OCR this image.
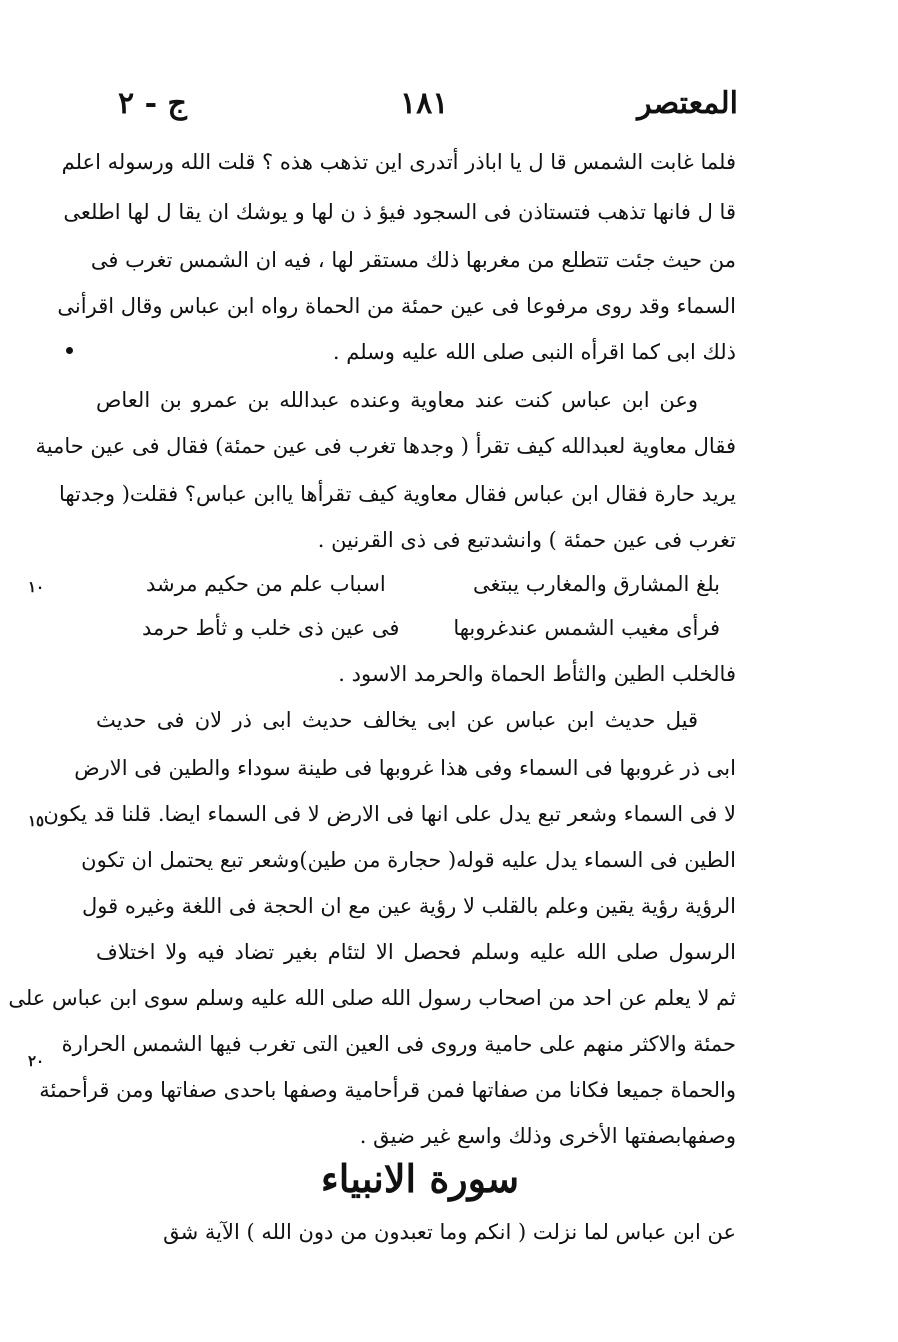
المعتصر
١٨١
ج - ٢
فلما غابت الشمس قا ل يا اباذر أتدرى اين تذهب هذه ؟ قلت الله ورسوله اعلم
قا ل فانها تذهب فتستاذن فى السجود فيؤ ذ ن لها و يوشك ان يقا ل لها اطلعى
من حيث جئت تتطلع من مغربها ذلك مستقر لها ، فيه ان الشمس تغرب فى
السماء وقد روى مرفوعا فى عين حمئة من الحماة رواه ابن عباس وقال اقرأنى
ذلك ابى كما اقرأه النبى صلى الله عليه وسلم .
وعن ابن عباس كنت عند معاوية وعنده عبدالله بن عمرو بن العاص
فقال معاوية لعبدالله كيف تقرأ ( وجدها تغرب فى عين حمئة) فقال فى عين حامية
يريد حارة فقال ابن عباس فقال معاوية كيف تقرأها ياابن عباس؟ فقلت( وجدتها
تغرب فى عين حمئة ) وانشدتبع فى ذى القرنين .
بلغ المشارق والمغارب يبتغى
اسباب علم من حكيم مرشد
فرأى مغيب الشمس عندغروبها
فى عين ذى خلب و ثأط حرمد
١٠
فالخلب الطين والثأط الحماة والحرمد الاسود .
قيل حديث ابن عباس عن ابى يخالف حديث ابى ذر لان فى حديث
ابى ذر غروبها فى السماء وفى هذا غروبها فى طينة سوداء والطين فى الارض
لا فى السماء وشعر تبع يدل على انها فى الارض لا فى السماء ايضا. قلنا قد يكون
الطين فى السماء يدل عليه قوله( حجارة من طين)وشعر تبع يحتمل ان تكون
الرؤية رؤية يقين وعلم بالقلب لا رؤية عين مع ان الحجة فى اللغة وغيره قول
الرسول صلى الله عليه وسلم فحصل الا لتئام بغير تضاد فيه ولا اختلاف
ثم لا يعلم عن احد من اصحاب رسول الله صلى الله عليه وسلم سوى ابن عباس على
حمئة والاكثر منهم على حامية وروى فى العين التى تغرب فيها الشمس الحرارة
والحماة جميعا فكانا من صفاتها فمن قرأحامية وصفها باحدى صفاتها ومن قرأحمئة
وصفهابصفتها الأخرى وذلك واسع غير ضيق .
١٥
٢٠
سورة الانبياء
عن ابن عباس لما نزلت ( انكم وما تعبدون من دون الله ) الآية شق
